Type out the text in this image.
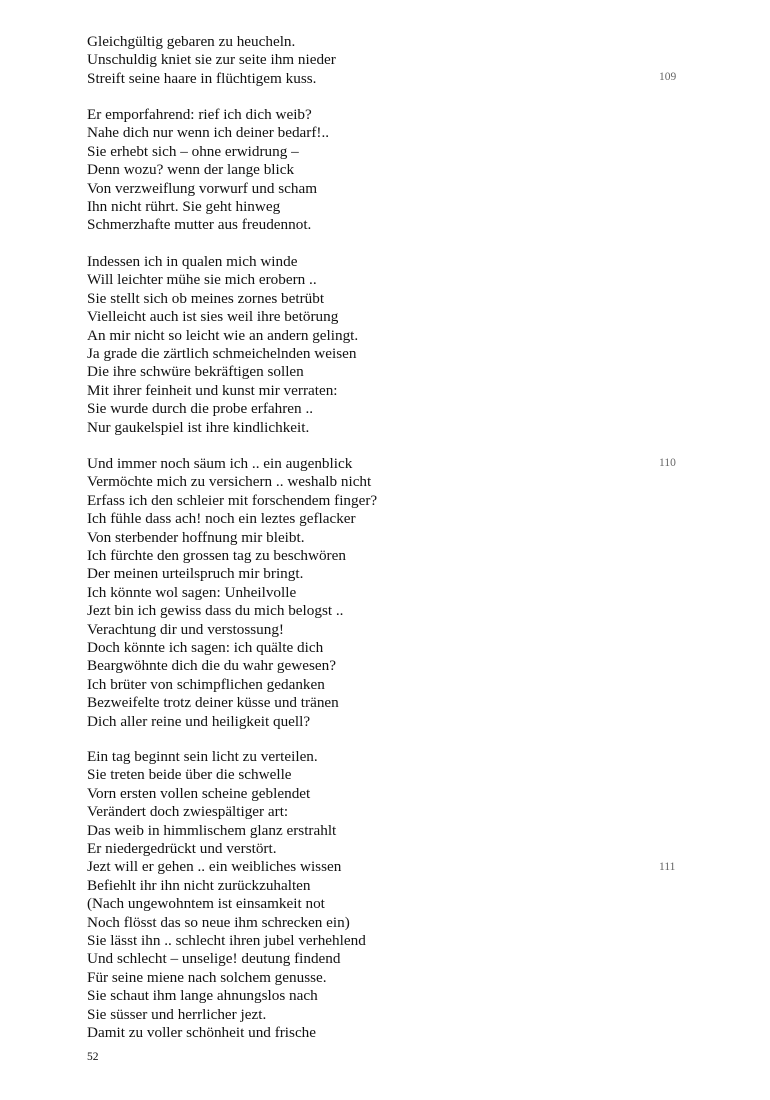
Gleichgültig gebaren zu heucheln.
Unschuldig kniet sie zur seite ihm nieder
Streift seine haare in flüchtigem kuss.
Er emporfahrend: rief ich dich weib?
Nahe dich nur wenn ich deiner bedarf!..
Sie erhebt sich – ohne erwidrung –
Denn wozu? wenn der lange blick
Von verzweiflung vorwurf und scham
Ihn nicht rührt. Sie geht hinweg
Schmerzhafte mutter aus freudennot.
Indessen ich in qualen mich winde
Will leichter mühe sie mich erobern ..
Sie stellt sich ob meines zornes betrübt
Vielleicht auch ist sies weil ihre betörung
An mir nicht so leicht wie an andern gelingt.
Ja grade die zärtlich schmeichelnden weisen
Die ihre schwüre bekräftigen sollen
Mit ihrer feinheit und kunst mir verraten:
Sie wurde durch die probe erfahren ..
Nur gaukelspiel ist ihre kindlichkeit.
Und immer noch säum ich .. ein augenblick
Vermöchte mich zu versichern .. weshalb nicht
Erfass ich den schleier mit forschendem finger?
Ich fühle dass ach! noch ein leztes geflacker
Von sterbender hoffnung mir bleibt.
Ich fürchte den grossen tag zu beschwören
Der meinen urteilspruch mir bringt.
Ich könnte wol sagen: Unheilvolle
Jezt bin ich gewiss dass du mich belogst ..
Verachtung dir und verstossung!
Doch könnte ich sagen: ich quälte dich
Beargwöhnte dich die du wahr gewesen?
Ich brüter von schimpflichen gedanken
Bezweifelte trotz deiner küsse und tränen
Dich aller reine und heiligkeit quell?
Ein tag beginnt sein licht zu verteilen.
Sie treten beide über die schwelle
Vorn ersten vollen scheine geblendet
Verändert doch zwiespältiger art:
Das weib in himmlischem glanz erstrahlt
Er niedergedrückt und verstört.
Jezt will er gehen .. ein weibliches wissen
Befiehlt ihr ihn nicht zurückzuhalten
(Nach ungewohntem ist einsamkeit not
Noch flösst das so neue ihm schrecken ein)
Sie lässt ihn .. schlecht ihren jubel verhehlend
Und schlecht – unselige! deutung findend
Für seine miene nach solchem genusse.
Sie schaut ihm lange ahnungslos nach
Sie süsser und herrlicher jezt.
Damit zu voller schönheit und frische
109
110
111
52
